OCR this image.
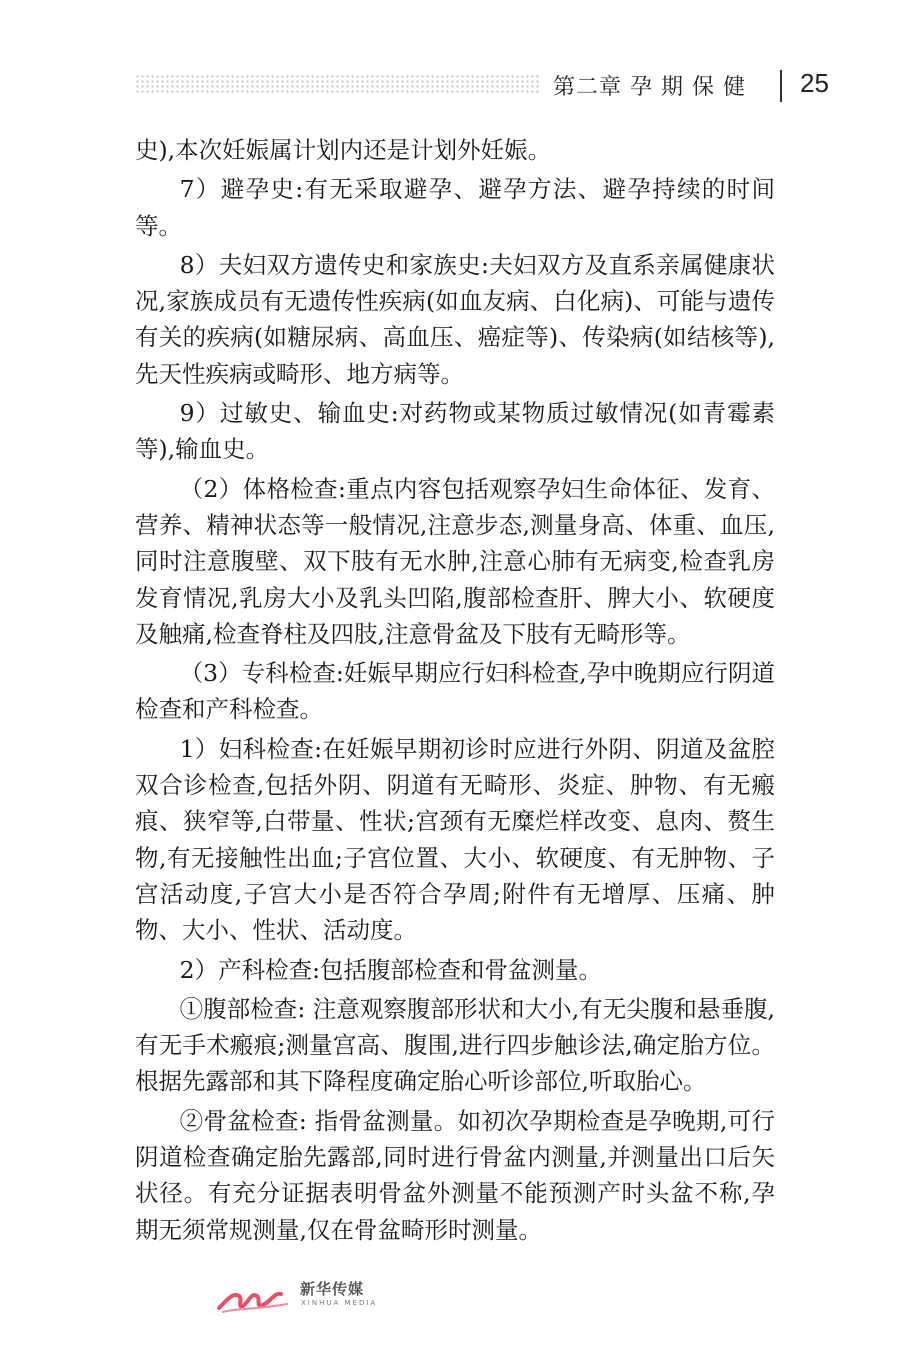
第二章 孕 期 保 健 25

史),本次妊娠属计划内还是计划外妊娠。

7）避孕史:有无采取避孕、避孕方法、避孕持续的时间等。

8）夫妇双方遗传史和家族史:夫妇双方及直系亲属健康状况,家族成员有无遗传性疾病(如血友病、白化病)、可能与遗传有关的疾病(如糖尿病、高血压、癌症等)、传染病(如结核等),先天性疾病或畸形、地方病等。

9）过敏史、输血史:对药物或某物质过敏情况(如青霉素等),输血史。

（2）体格检查:重点内容包括观察孕妇生命体征、发育、营养、精神状态等一般情况,注意步态,测量身高、体重、血压,同时注意腹壁、双下肢有无水肿,注意心肺有无病变,检查乳房发育情况,乳房大小及乳头凹陷,腹部检查肝、脾大小、软硬度及触痛,检查脊柱及四肢,注意骨盆及下肢有无畸形等。

（3）专科检查:妊娠早期应行妇科检查,孕中晚期应行阴道检查和产科检查。

1）妇科检查:在妊娠早期初诊时应进行外阴、阴道及盆腔双合诊检查,包括外阴、阴道有无畸形、炎症、肿物、有无瘢痕、狭窄等,白带量、性状;宫颈有无糜烂样改变、息肉、赘生物,有无接触性出血;子宫位置、大小、软硬度、有无肿物、子宫活动度,子宫大小是否符合孕周;附件有无增厚、压痛、肿物、大小、性状、活动度。

2）产科检查:包括腹部检查和骨盆测量。

①腹部检查: 注意观察腹部形状和大小,有无尖腹和悬垂腹,有无手术瘢痕;测量宫高、腹围,进行四步触诊法,确定胎方位。根据先露部和其下降程度确定胎心听诊部位,听取胎心。

②骨盆检查: 指骨盆测量。如初次孕期检查是孕晚期,可行阴道检查确定胎先露部,同时进行骨盆内测量,并测量出口后矢状径。有充分证据表明骨盆外测量不能预测产时头盆不称,孕期无须常规测量,仅在骨盆畸形时测量。

新华传媒
XINHUA MEDIA
